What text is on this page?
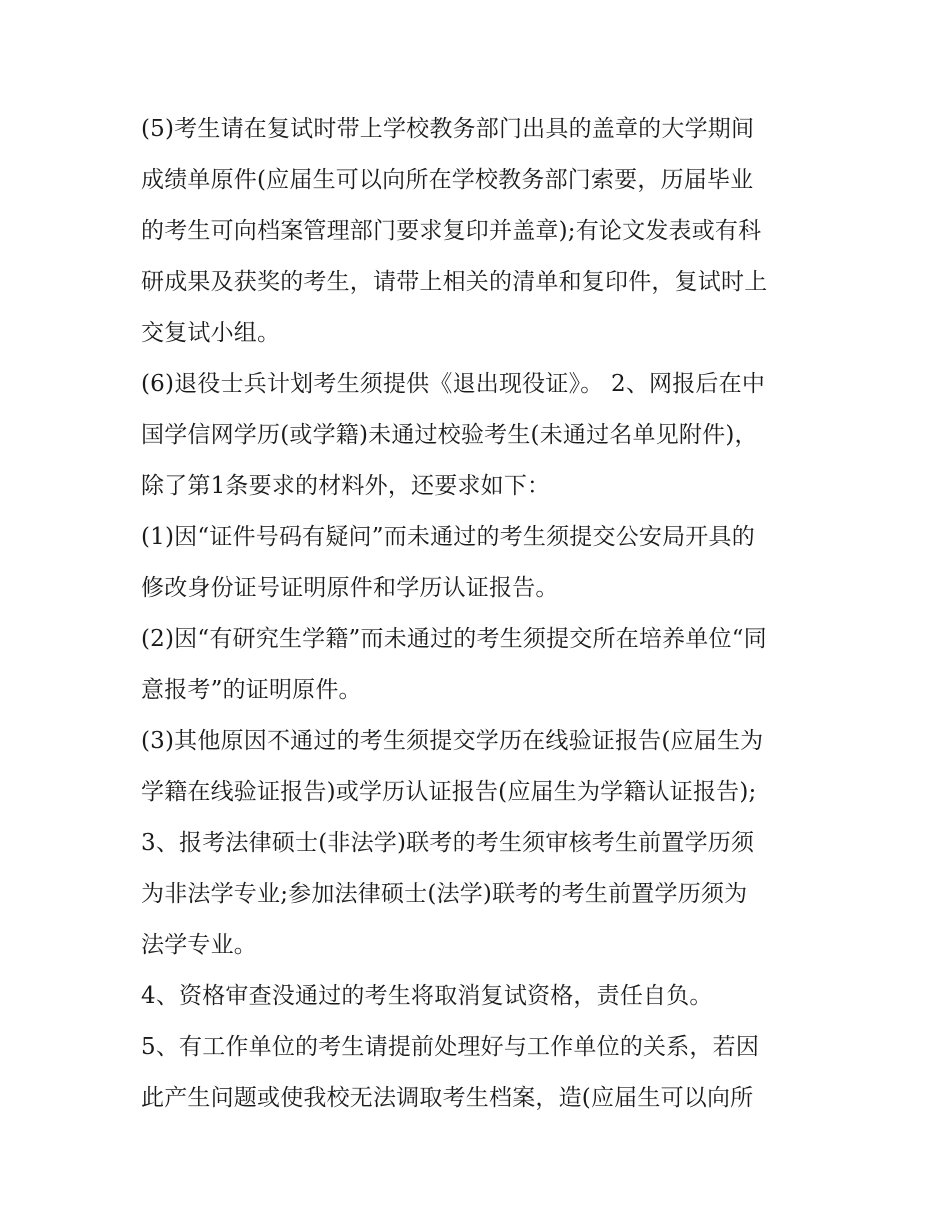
(5)考生请在复试时带上学校教务部门出具的盖章的大学期间
成绩单原件(应届生可以向所在学校教务部门索要，历届毕业
的考生可向档案管理部门要求复印并盖章);有论文发表或有科
研成果及获奖的考生，请带上相关的清单和复印件，复试时上
交复试小组。
(6)退役士兵计划考生须提供《退出现役证》。 2、网报后在中
国学信网学历(或学籍)未通过校验考生(未通过名单见附件)，
除了第1条要求的材料外，还要求如下：
(1)因“证件号码有疑问”而未通过的考生须提交公安局开具的
修改身份证号证明原件和学历认证报告。
(2)因“有研究生学籍”而未通过的考生须提交所在培养单位“同
意报考”的证明原件。
(3)其他原因不通过的考生须提交学历在线验证报告(应届生为
学籍在线验证报告)或学历认证报告(应届生为学籍认证报告);
3、报考法律硕士(非法学)联考的考生须审核考生前置学历须
为非法学专业;参加法律硕士(法学)联考的考生前置学历须为
法学专业。
4、资格审查没通过的考生将取消复试资格，责任自负。
5、有工作单位的考生请提前处理好与工作单位的关系，若因
此产生问题或使我校无法调取考生档案，造(应届生可以向所
